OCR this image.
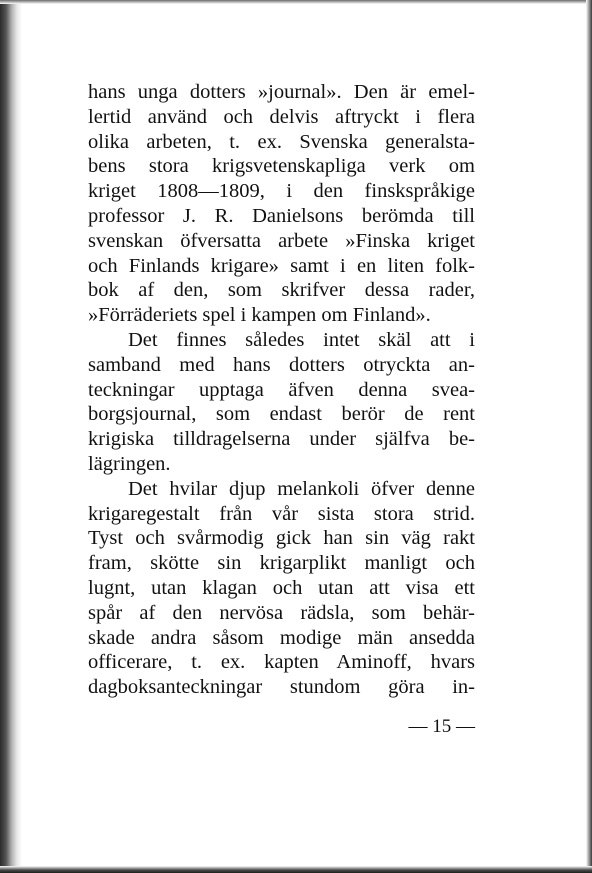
hans unga dotters »journal». Den är emel-
lertid använd och delvis aftryckt i flera
olika arbeten, t. ex. Svenska generalsta-
bens stora krigsvetenskapliga verk om
kriget 1808—1809, i den finskspråkige
professor J. R. Danielsons berömda till
svenskan öfversatta arbete »Finska kriget
och Finlands krigare» samt i en liten folk-
bok af den, som skrifver dessa rader,
»Förräderiets spel i kampen om Finland».
Det finnes således intet skäl att i
samband med hans dotters otryckta an-
teckningar upptaga äfven denna svea-
borgsjournal, som endast berör de rent
krigiska tilldragelserna under själfva be-
lägringen.
Det hvilar djup melankoli öfver denne
krigaregestalt från vår sista stora strid.
Tyst och svårmodig gick han sin väg rakt
fram, skötte sin krigarplikt manligt och
lugnt, utan klagan och utan att visa ett
spår af den nervösa rädsla, som behär-
skade andra såsom modige män ansedda
officerare, t. ex. kapten Aminoff, hvars
dagboksanteckningar stundom göra in-
— 15 —
